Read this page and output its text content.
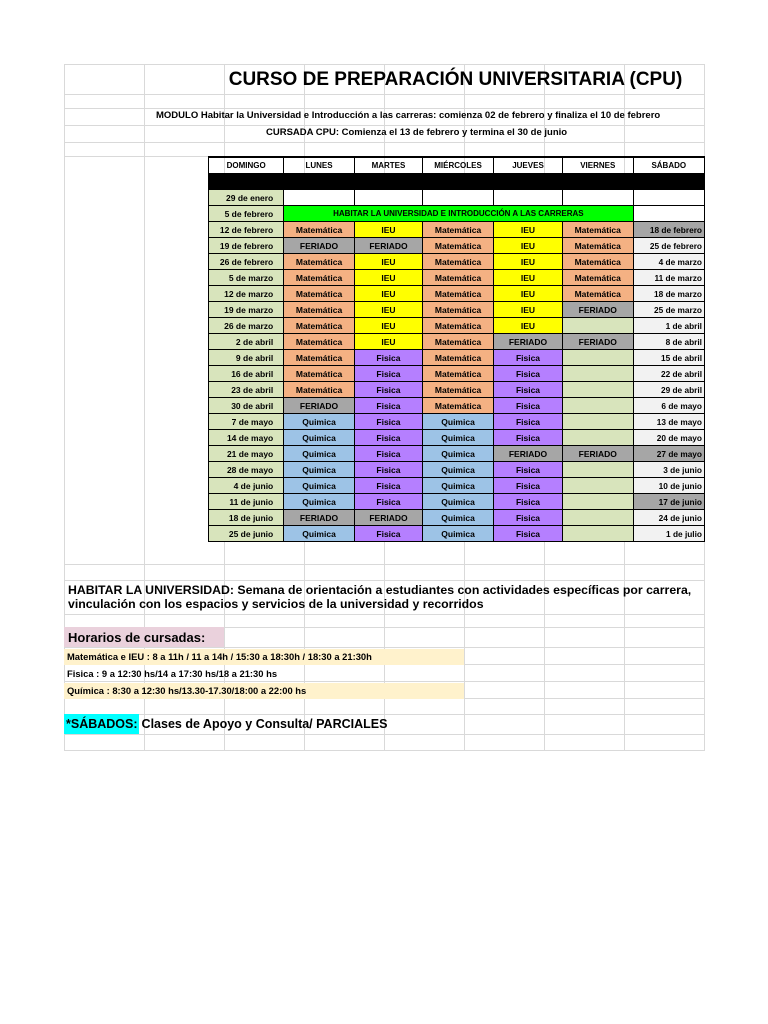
CURSO DE PREPARACIÓN UNIVERSITARIA (CPU)
MODULO Habitar la Universidad e Introducción a las carreras: comienza 02 de febrero y finaliza el 10 de febrero
CURSADA CPU: Comienza el 13 de febrero y termina el 30 de junio
DOMINGO	LUNES	MARTES	MIÉRCOLES	JUEVES	VIERNES	SÁBADO

29 de enero						
5 de febrero	HABITAR LA UNIVERSIDAD E INTRODUCCIÓN A LAS CARRERAS					
12 de febrero	Matemática	IEU	Matemática	IEU	Matemática	18 de febrero
19 de febrero	FERIADO	FERIADO	Matemática	IEU	Matemática	25 de febrero
26 de febrero	Matemática	IEU	Matemática	IEU	Matemática	4 de marzo
5 de marzo	Matemática	IEU	Matemática	IEU	Matemática	11 de marzo
12 de marzo	Matemática	IEU	Matemática	IEU	Matemática	18 de marzo
19 de marzo	Matemática	IEU	Matemática	IEU	FERIADO	25 de marzo
26 de marzo	Matemática	IEU	Matemática	IEU		1 de abril
2 de abril	Matemática	IEU	Matemática	FERIADO	FERIADO	8 de abril
9 de abril	Matemática	Fisica	Matemática	Fisica		15 de abril
16 de abril	Matemática	Fisica	Matemática	Fisica		22 de abril
23 de abril	Matemática	Fisica	Matemática	Fisica		29 de abril
30 de abril	FERIADO	Fisica	Matemática	Fisica		6 de mayo
7 de mayo	Quimica	Fisica	Quimica	Fisica		13 de mayo
14 de mayo	Quimica	Fisica	Quimica	Fisica		20 de mayo
21 de mayo	Quimica	Fisica	Quimica	FERIADO	FERIADO	27 de mayo
28 de mayo	Quimica	Fisica	Quimica	Fisica		3 de junio
4 de junio	Quimica	Fisica	Quimica	Fisica		10 de junio
11 de junio	Quimica	Fisica	Quimica	Fisica		17 de junio
18 de junio	FERIADO	FERIADO	Quimica	Fisica		24 de junio
25 de junio	Quimica	Fisica	Quimica	Fisica		1 de julio
HABITAR LA UNIVERSIDAD: Semana de orientación a estudiantes con actividades específicas por carrera, vinculación con los espacios y servicios de la universidad y recorridos
Horarios de cursadas:
Matemática e IEU : 8 a 11h / 11 a 14h / 15:30 a 18:30h / 18:30 a 21:30h
Fisica : 9 a 12:30 hs/14 a 17:30 hs/18 a 21:30 hs
Química : 8:30 a 12:30 hs/13.30-17.30/18:00 a 22:00 hs
*SÁBADOS: Clases de Apoyo y Consulta/ PARCIALES
